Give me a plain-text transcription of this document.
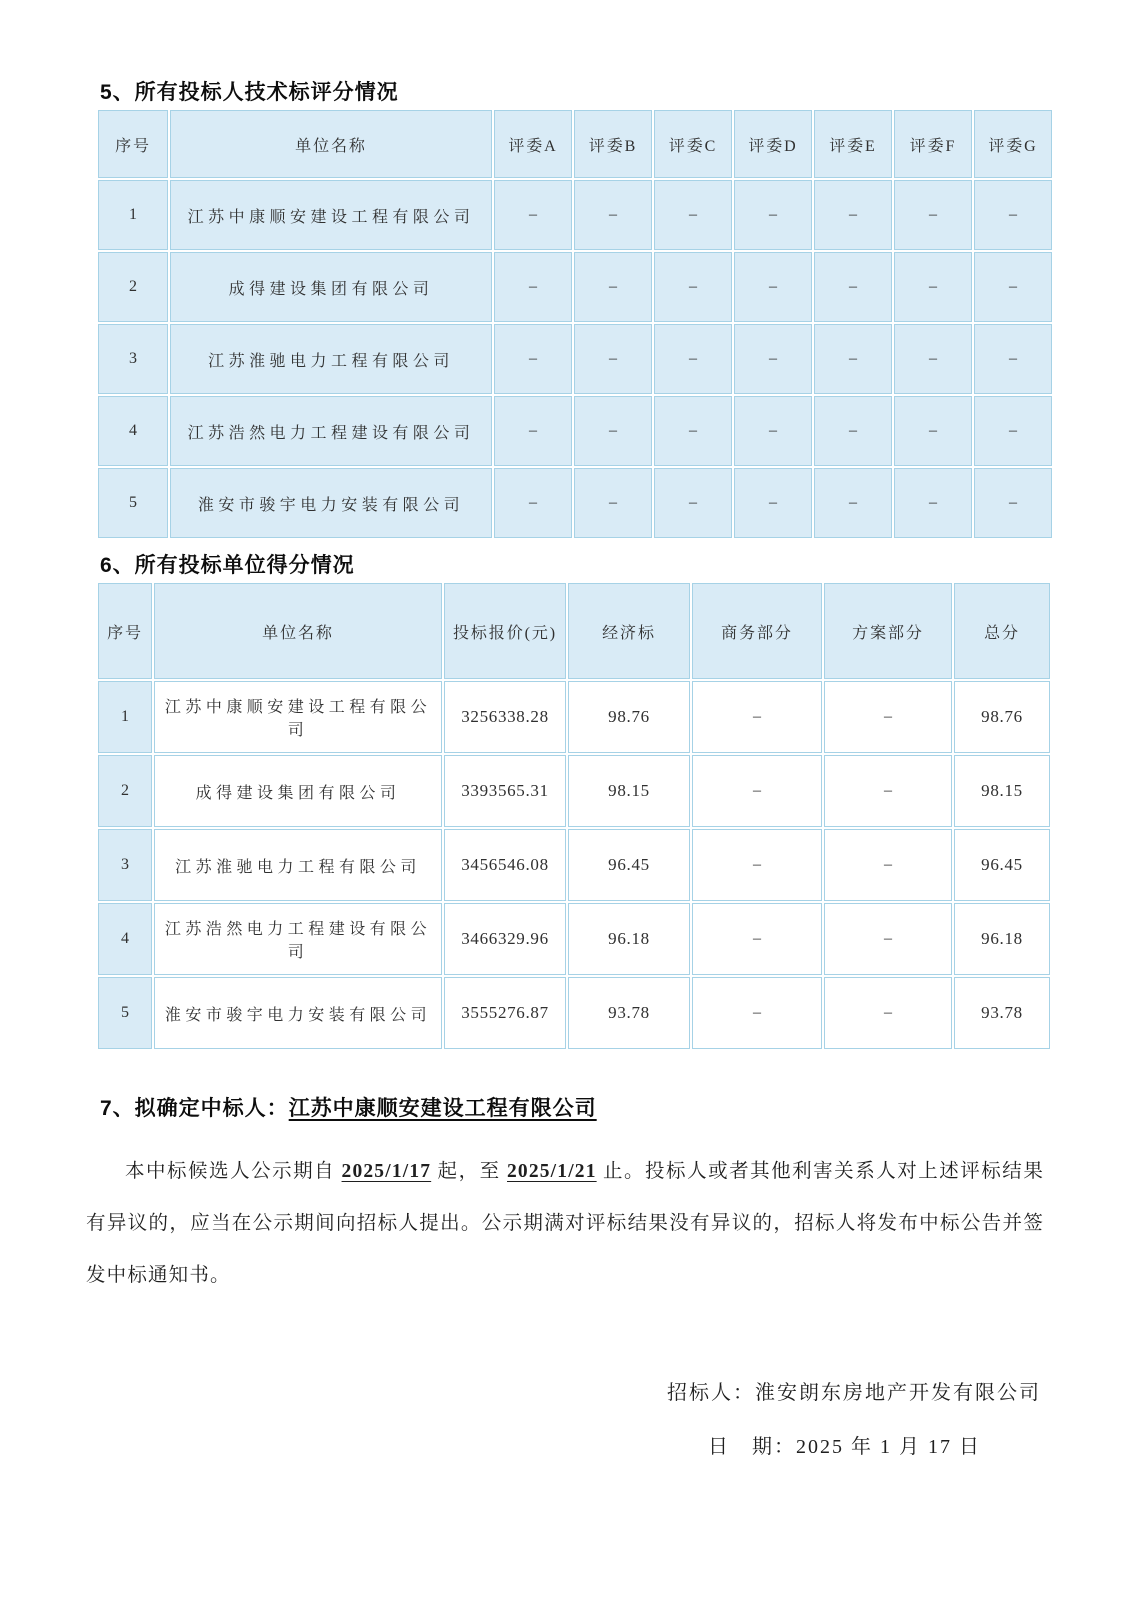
5、所有投标人技术标评分情况
序号	单位名称	评委A	评委B	评委C	评委D	评委E	评委F	评委G
1	江苏中康顺安建设工程有限公司	–	–	–	–	–	–	–
2	成得建设集团有限公司	–	–	–	–	–	–	–
3	江苏淮驰电力工程有限公司	–	–	–	–	–	–	–
4	江苏浩然电力工程建设有限公司	–	–	–	–	–	–	–
5	淮安市骏宇电力安装有限公司	–	–	–	–	–	–	–
6、所有投标单位得分情况
序号	单位名称	投标报价(元)	经济标	商务部分	方案部分	总分
1	江苏中康顺安建设工程有限公司	3256338.28	98.76	–	–	98.76
2	成得建设集团有限公司	3393565.31	98.15	–	–	98.15
3	江苏淮驰电力工程有限公司	3456546.08	96.45	–	–	96.45
4	江苏浩然电力工程建设有限公司	3466329.96	96.18	–	–	96.18
5	淮安市骏宇电力安装有限公司	3555276.87	93.78	–	–	93.78
7、拟确定中标人：江苏中康顺安建设工程有限公司
本中标候选人公示期自 2025/1/17 起，至 2025/1/21 止。投标人或者其他利害关系人对上述评标结果有异议的，应当在公示期间向招标人提出。公示期满对评标结果没有异议的，招标人将发布中标公告并签发中标通知书。
招标人：淮安朗东房地产开发有限公司
日　期：2025 年 1 月 17 日
